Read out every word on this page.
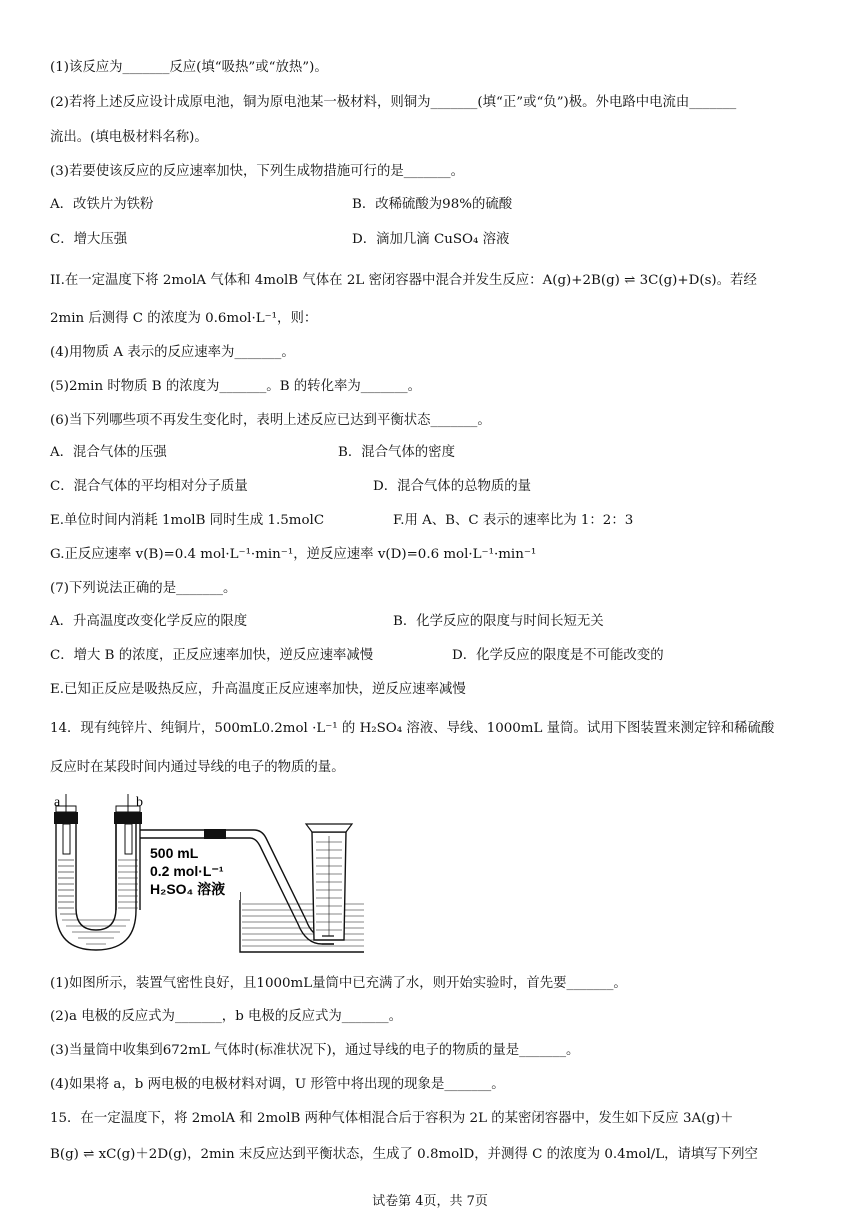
(1)该反应为_______反应(填“吸热”或“放热”)。
(2)若将上述反应设计成原电池，铜为原电池某一极材料，则铜为_______(填“正”或“负”)极。外电路中电流由_______
流出。(填电极材料名称)。
(3)若要使该反应的反应速率加快，下列生成物措施可行的是_______。
A．改铁片为铁粉	B．改稀硫酸为98%的硫酸
C．增大压强	D．滴加几滴 CuSO₄ 溶液
II.在一定温度下将 2molA 气体和 4molB 气体在 2L 密闭容器中混合并发生反应：A(g)+2B(g) ⇌ 3C(g)+D(s)。若经
2min 后测得 C 的浓度为 0.6mol·L⁻¹，则：
(4)用物质 A 表示的反应速率为_______。
(5)2min 时物质 B 的浓度为_______。B 的转化率为_______。
(6)当下列哪些项不再发生变化时，表明上述反应已达到平衡状态_______。
A．混合气体的压强	B．混合气体的密度
C．混合气体的平均相对分子质量	D．混合气体的总物质的量
E.单位时间内消耗 1molB 同时生成 1.5molC	F.用 A、B、C 表示的速率比为 1：2：3
G.正反应速率 v(B)=0.4 mol·L⁻¹·min⁻¹，逆反应速率 v(D)=0.6 mol·L⁻¹·min⁻¹
(7)下列说法正确的是_______。
A．升高温度改变化学反应的限度	B．化学反应的限度与时间长短无关
C．增大 B 的浓度，正反应速率加快，逆反应速率减慢	D．化学反应的限度是不可能改变的
E.已知正反应是吸热反应，升高温度正反应速率加快，逆反应速率减慢
14．现有纯锌片、纯铜片，500mL0.2mol ·L⁻¹ 的 H₂SO₄ 溶液、导线、1000mL 量筒。试用下图装置来测定锌和稀硫酸
反应时在某段时间内通过导线的电子的物质的量。
a	b
500 mL
0.2 mol·L⁻¹
H₂SO₄ 溶液
(1)如图所示，装置气密性良好，且1000mL量筒中已充满了水，则开始实验时，首先要_______。
(2)a 电极的反应式为_______，b 电极的反应式为_______。
(3)当量筒中收集到672mL 气体时(标准状况下)，通过导线的电子的物质的量是_______。
(4)如果将 a，b 两电极的电极材料对调，U 形管中将出现的现象是_______。
15．在一定温度下，将 2molA 和 2molB 两种气体相混合后于容积为 2L 的某密闭容器中，发生如下反应 3A(g)＋
B(g) ⇌ xC(g)＋2D(g)，2min 末反应达到平衡状态，生成了 0.8molD，并测得 C 的浓度为 0.4mol/L，请填写下列空
试卷第 4页，共 7页
